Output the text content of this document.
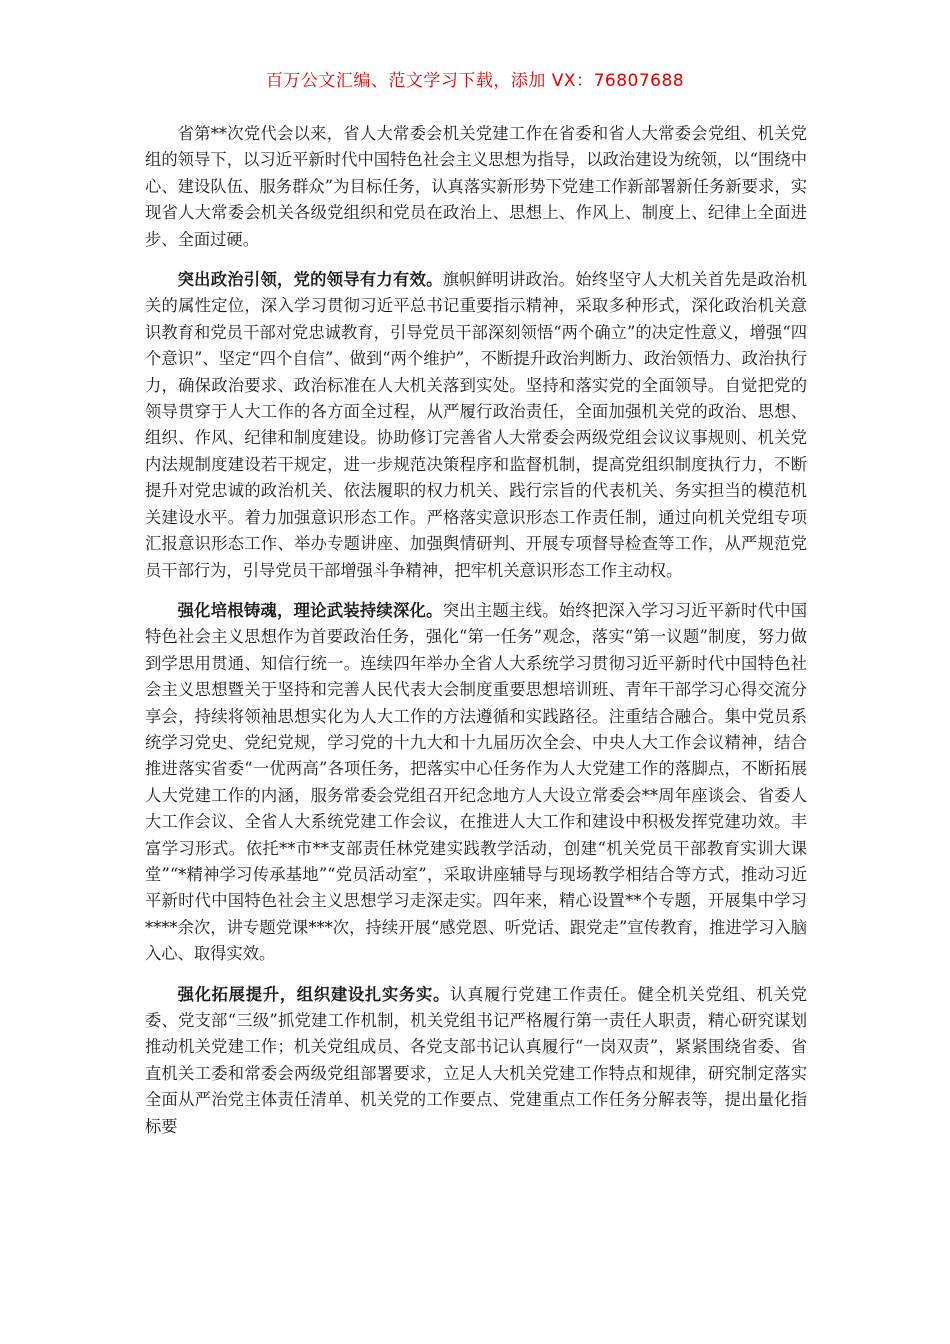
百万公文汇编、范文学习下载，添加 VX：76807688

省第**次党代会以来，省人大常委会机关党建工作在省委和省人大常委会党组、机关党组的领导下，以习近平新时代中国特色社会主义思想为指导，以政治建设为统领，以“围绕中心、建设队伍、服务群众”为目标任务，认真落实新形势下党建工作新部署新任务新要求，实现省人大常委会机关各级党组织和党员在政治上、思想上、作风上、制度上、纪律上全面进步、全面过硬。

突出政治引领，党的领导有力有效。旗帜鲜明讲政治。始终坚守人大机关首先是政治机关的属性定位，深入学习贯彻习近平总书记重要指示精神，采取多种形式，深化政治机关意识教育和党员干部对党忠诚教育，引导党员干部深刻领悟“两个确立”的决定性意义，增强“四个意识”、坚定“四个自信”、做到“两个维护”，不断提升政治判断力、政治领悟力、政治执行力，确保政治要求、政治标准在人大机关落到实处。坚持和落实党的全面领导。自觉把党的领导贯穿于人大工作的各方面全过程，从严履行政治责任，全面加强机关党的政治、思想、组织、作风、纪律和制度建设。协助修订完善省人大常委会两级党组会议议事规则、机关党内法规制度建设若干规定，进一步规范决策程序和监督机制，提高党组织制度执行力，不断提升对党忠诚的政治机关、依法履职的权力机关、践行宗旨的代表机关、务实担当的模范机关建设水平。着力加强意识形态工作。严格落实意识形态工作责任制，通过向机关党组专项汇报意识形态工作、举办专题讲座、加强舆情研判、开展专项督导检查等工作，从严规范党员干部行为，引导党员干部增强斗争精神，把牢机关意识形态工作主动权。

强化培根铸魂，理论武装持续深化。突出主题主线。始终把深入学习习近平新时代中国特色社会主义思想作为首要政治任务，强化“第一任务”观念，落实“第一议题”制度，努力做到学思用贯通、知信行统一。连续四年举办全省人大系统学习贯彻习近平新时代中国特色社会主义思想暨关于坚持和完善人民代表大会制度重要思想培训班、青年干部学习心得交流分享会，持续将领袖思想实化为人大工作的方法遵循和实践路径。注重结合融合。集中党员系统学习党史、党纪党规，学习党的十九大和十九届历次全会、中央人大工作会议精神，结合推进落实省委“一优两高”各项任务，把落实中心任务作为人大党建工作的落脚点，不断拓展人大党建工作的内涵，服务常委会党组召开纪念地方人大设立常委会**周年座谈会、省委人大工作会议、全省人大系统党建工作会议，在推进人大工作和建设中积极发挥党建功效。丰富学习形式。依托**市**支部责任林党建实践教学活动，创建“机关党员干部教育实训大课堂”“*精神学习传承基地”“党员活动室”，采取讲座辅导与现场教学相结合等方式，推动习近平新时代中国特色社会主义思想学习走深走实。四年来，精心设置**个专题，开展集中学习****余次，讲专题党课***次，持续开展“感党恩、听党话、跟党走”宣传教育，推进学习入脑入心、取得实效。

强化拓展提升，组织建设扎实务实。认真履行党建工作责任。健全机关党组、机关党委、党支部“三级”抓党建工作机制，机关党组书记严格履行第一责任人职责，精心研究谋划推动机关党建工作；机关党组成员、各党支部书记认真履行“一岗双责”，紧紧围绕省委、省直机关工委和常委会两级党组部署要求，立足人大机关党建工作特点和规律，研究制定落实全面从严治党主体责任清单、机关党的工作要点、党建重点工作任务分解表等，提出量化指标要
